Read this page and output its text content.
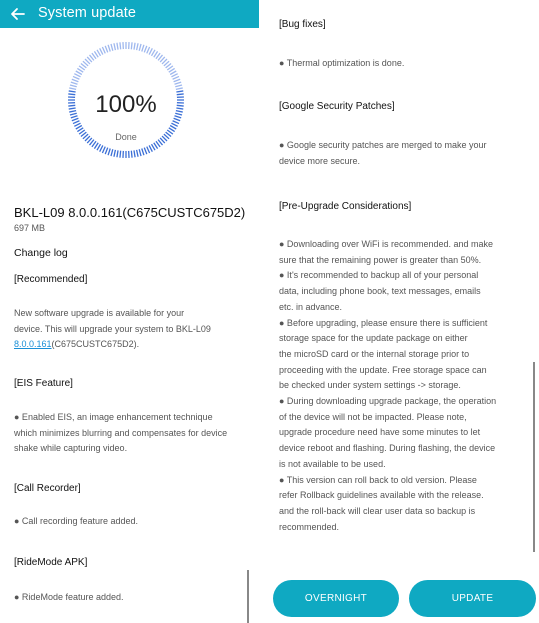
System update
100%
Done
BKL-L09 8.0.0.161(C675CUSTC675D2)
697 MB
Change log
[Recommended]
New software upgrade is available for your
device. This will upgrade your system to BKL-L09
8.0.0.161(C675CUSTC675D2).
[EIS Feature]
● Enabled EIS, an image enhancement technique
which minimizes blurring and compensates for device
shake while capturing video.
[Call Recorder]
● Call recording feature added.
[RideMode APK]
● RideMode feature added.
[Bug fixes]
● Thermal optimization is done.
[Google Security Patches]
● Google security patches are merged to make your
device more secure.
[Pre-Upgrade Considerations]
● Downloading over WiFi is recommended. and make
sure that the remaining power is greater than 50%.
● It's recommended to backup all of your personal
data, including phone book, text messages, emails
etc. in advance.
● Before upgrading, please ensure there is sufficient
storage space for the update package on either
the microSD card or the internal storage prior to
proceeding with the update. Free storage space can
be checked under system settings -> storage.
● During downloading upgrade package, the operation
of the device will not be impacted. Please note,
upgrade procedure need have some minutes to let
device reboot and flashing. During flashing, the device
is not available to be used.
● This version can roll back to old version. Please
refer Rollback guidelines available with the release.
and the roll-back will clear user data so backup is
recommended.
OVERNIGHT	UPDATE
